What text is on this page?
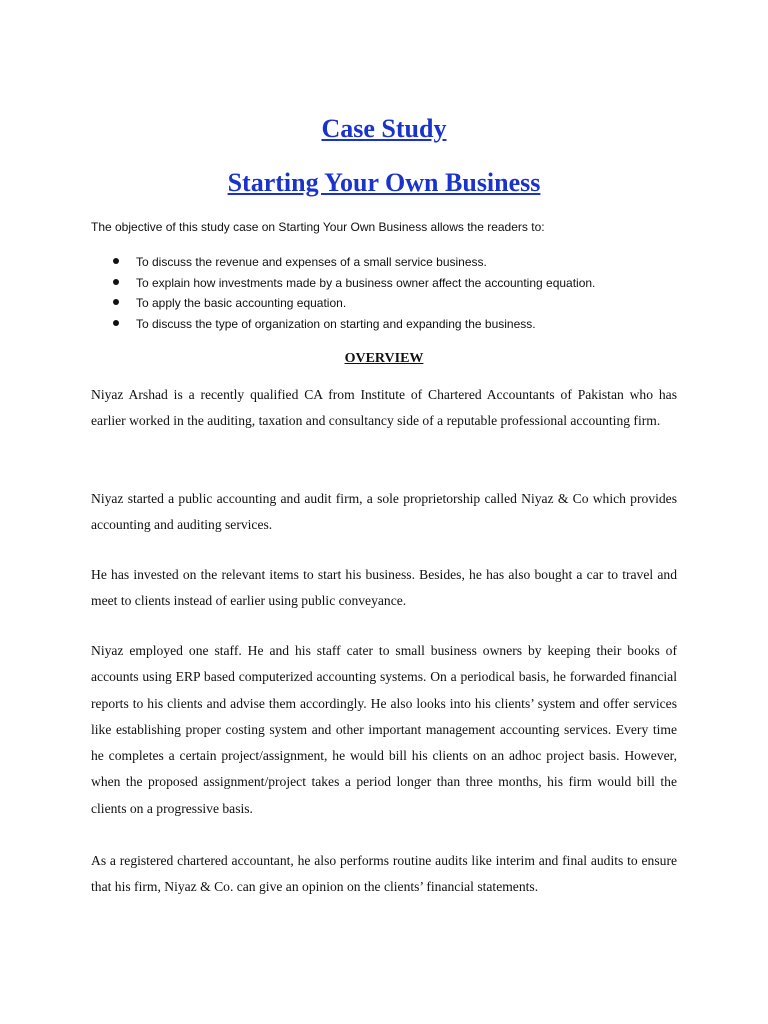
Case Study
Starting Your Own Business

The objective of this study case on Starting Your Own Business allows the readers to:

To discuss the revenue and expenses of a small service business.
To explain how investments made by a business owner affect the accounting equation.
To apply the basic accounting equation.
To discuss the type of organization on starting and expanding the business.
OVERVIEW

Niyaz Arshad is a recently qualified CA from Institute of Chartered Accountants of Pakistan who has earlier worked in the auditing, taxation and consultancy side of a reputable professional accounting firm.

Niyaz started a public accounting and audit firm, a sole proprietorship called Niyaz & Co which provides accounting and auditing services.

He has invested on the relevant items to start his business. Besides, he has also bought a car to travel and meet to clients instead of earlier using public conveyance.

Niyaz employed one staff. He and his staff cater to small business owners by keeping their books of accounts using ERP based computerized accounting systems. On a periodical basis, he forwarded financial reports to his clients and advise them accordingly. He also looks into his clients’ system and offer services like establishing proper costing system and other important management accounting services. Every time he completes a certain project/assignment, he would bill his clients on an adhoc project basis. However, when the proposed assignment/project takes a period longer than three months, his firm would bill the clients on a progressive basis.

As a registered chartered accountant, he also performs routine audits like interim and final audits to ensure that his firm, Niyaz & Co. can give an opinion on the clients’ financial statements.
